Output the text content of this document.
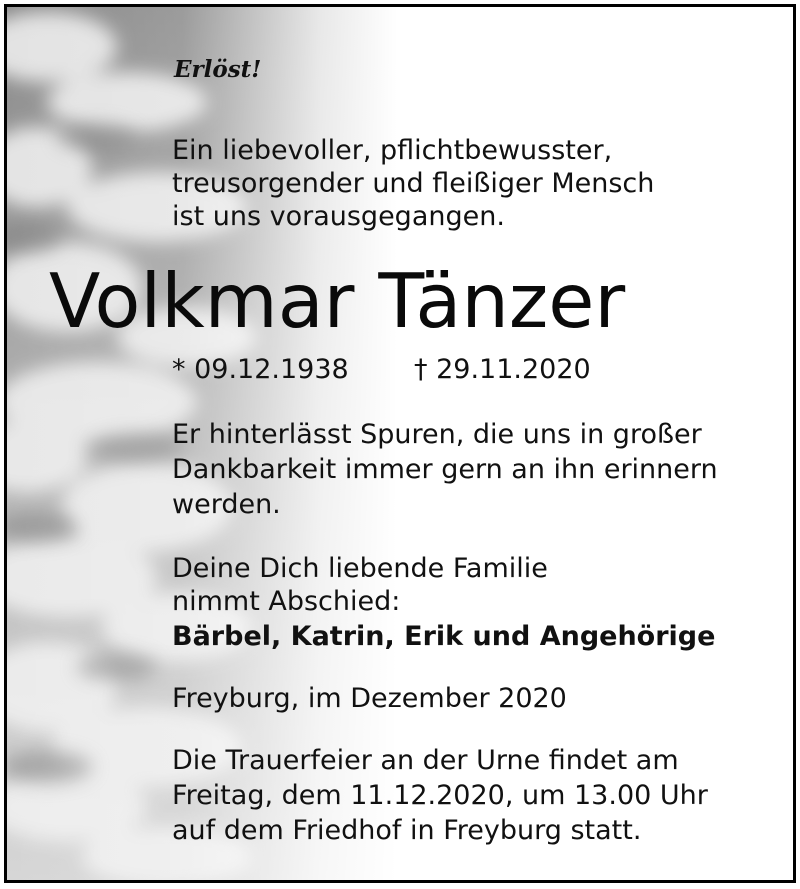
Erlöst!
Ein liebevoller, pflichtbewusster,
treusorgender und fleißiger Mensch
ist uns vorausgegangen.
Volkmar Tänzer
* 09.12.1938 † 29.11.2020
Er hinterlässt Spuren, die uns in großer
Dankbarkeit immer gern an ihn erinnern
werden.
Deine Dich liebende Familie
nimmt Abschied:
Bärbel, Katrin, Erik und Angehörige
Freyburg, im Dezember 2020
Die Trauerfeier an der Urne findet am
Freitag, dem 11.12.2020, um 13.00 Uhr
auf dem Friedhof in Freyburg statt.
